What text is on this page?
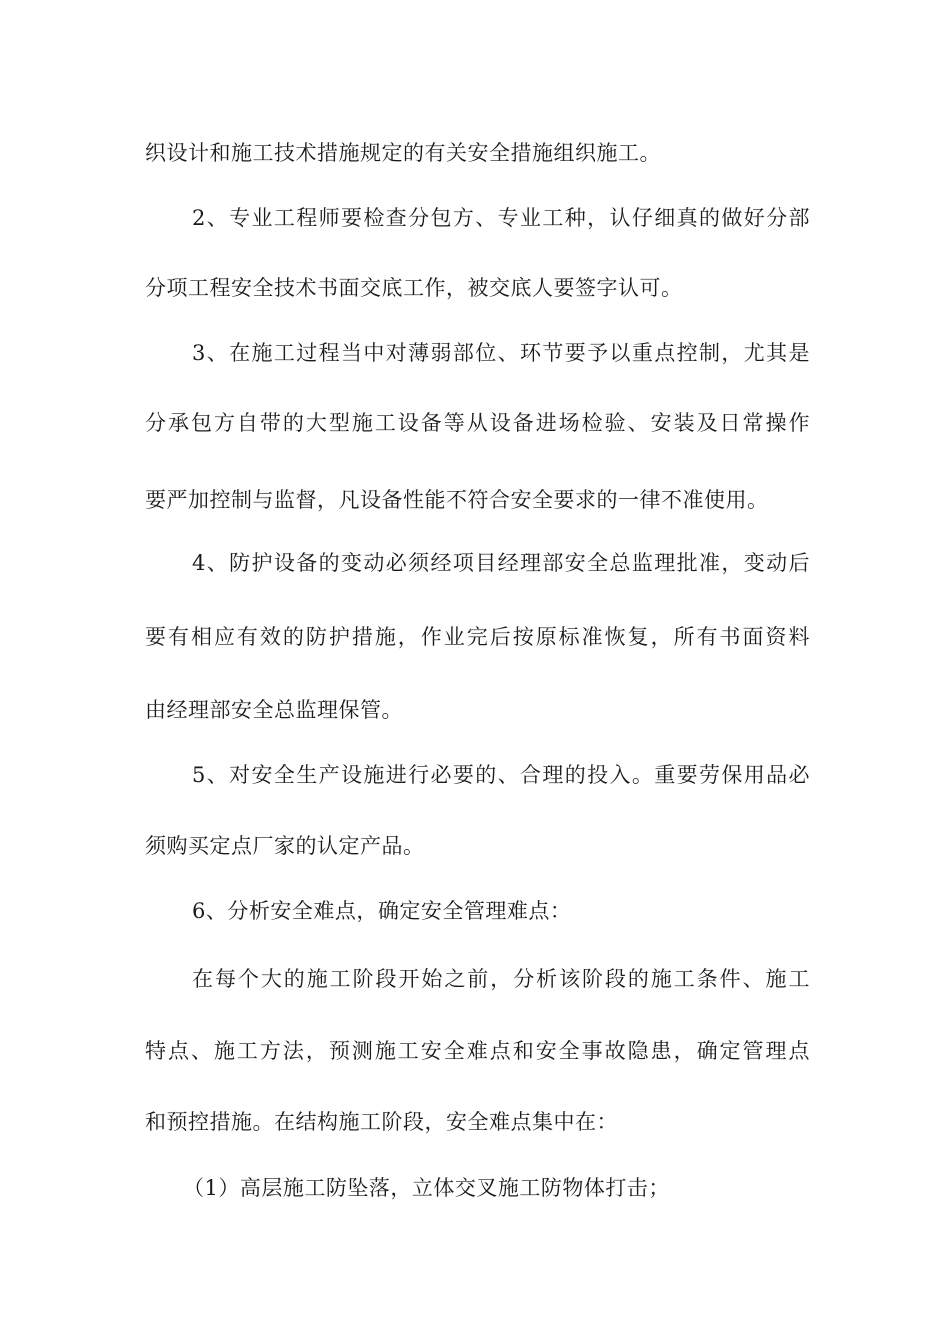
织设计和施工技术措施规定的有关安全措施组织施工。
2、专业工程师要检查分包方、专业工种，认仔细真的做好分部
分项工程安全技术书面交底工作，被交底人要签字认可。
3、在施工过程当中对薄弱部位、环节要予以重点控制，尤其是
分承包方自带的大型施工设备等从设备进场检验、安装及日常操作
要严加控制与监督，凡设备性能不符合安全要求的一律不准使用。
4、防护设备的变动必须经项目经理部安全总监理批准，变动后
要有相应有效的防护措施，作业完后按原标准恢复，所有书面资料
由经理部安全总监理保管。
5、对安全生产设施进行必要的、合理的投入。重要劳保用品必
须购买定点厂家的认定产品。
6、分析安全难点，确定安全管理难点：
在每个大的施工阶段开始之前，分析该阶段的施工条件、施工
特点、施工方法，预测施工安全难点和安全事故隐患，确定管理点
和预控措施。在结构施工阶段，安全难点集中在：
（1）高层施工防坠落，立体交叉施工防物体打击；
